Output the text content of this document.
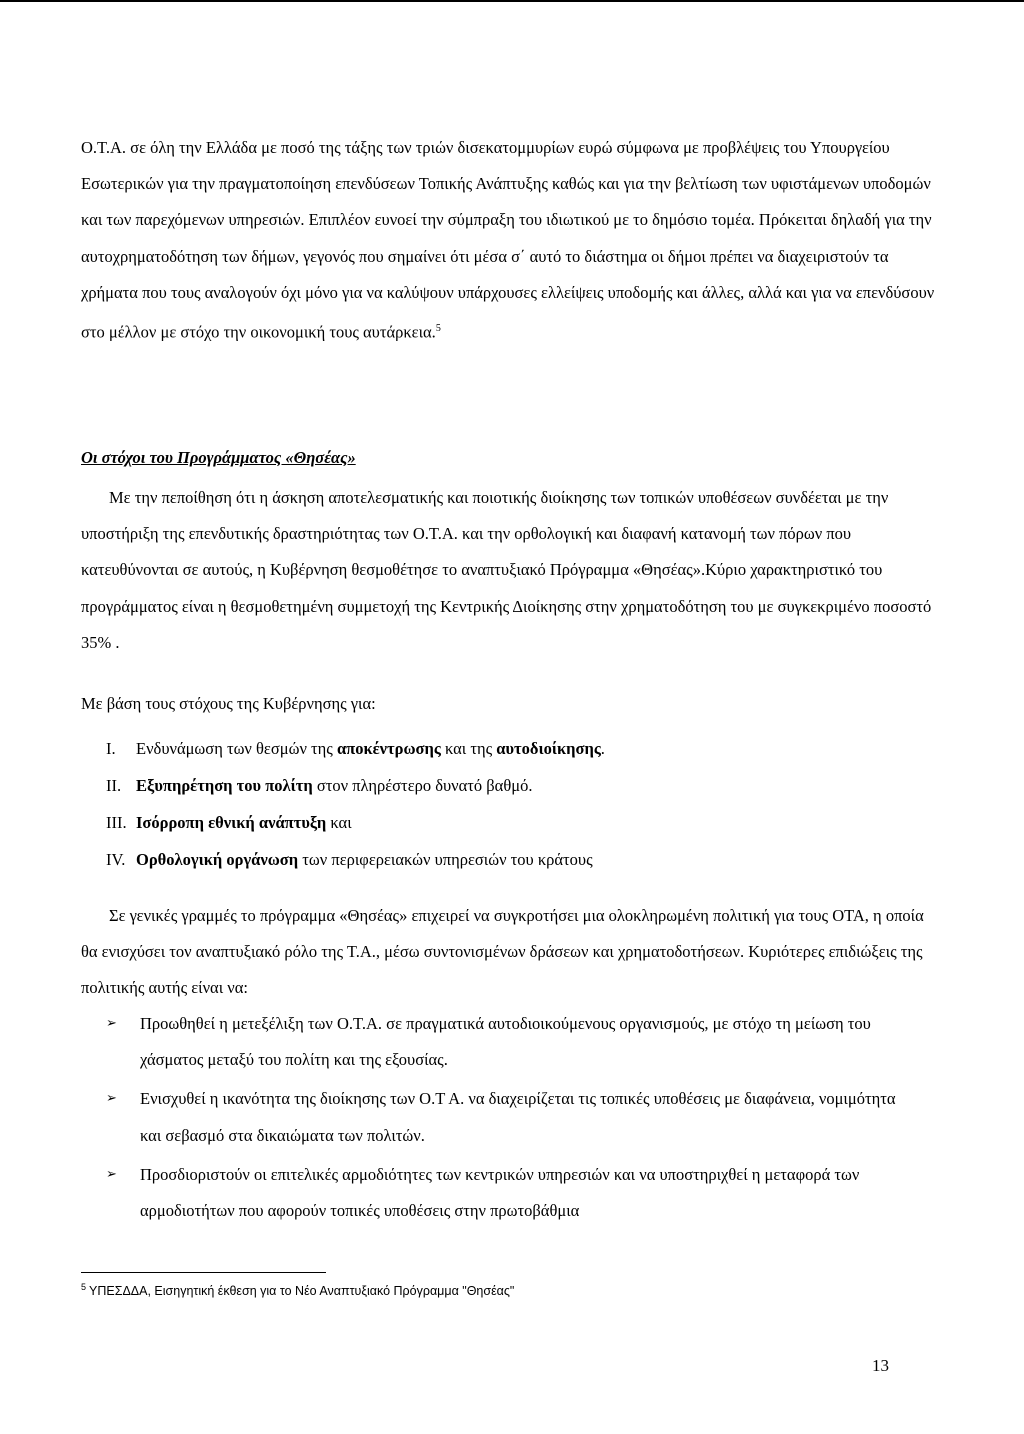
Ο.Τ.Α. σε όλη την Ελλάδα με ποσό της τάξης των τριών δισεκατομμυρίων ευρώ σύμφωνα με προβλέψεις του Υπουργείου Εσωτερικών για την πραγματοποίηση επενδύσεων Τοπικής Ανάπτυξης καθώς και για την βελτίωση των υφιστάμενων υποδομών και των παρεχόμενων υπηρεσιών. Επιπλέον ευνοεί την σύμπραξη του ιδιωτικού με το δημόσιο τομέα. Πρόκειται δηλαδή για την αυτοχρηματοδότηση των δήμων, γεγονός που σημαίνει ότι μέσα σ΄ αυτό το διάστημα οι δήμοι πρέπει να διαχειριστούν τα χρήματα που τους αναλογούν όχι μόνο για να καλύψουν υπάρχουσες ελλείψεις υποδομής και άλλες, αλλά και για να επενδύσουν στο μέλλον με στόχο την οικονομική τους αυτάρκεια.$^5$

Οι στόχοι του Προγράμματος «Θησέας»

Με την πεποίθηση ότι η άσκηση αποτελεσματικής και ποιοτικής διοίκησης των τοπικών υποθέσεων συνδέεται με την υποστήριξη της επενδυτικής δραστηριότητας των Ο.Τ.Α. και την ορθολογική και διαφανή κατανομή των πόρων που κατευθύνονται σε αυτούς, η Κυβέρνηση θεσμοθέτησε το αναπτυξιακό Πρόγραμμα «Θησέας».Κύριο χαρακτηριστικό του προγράμματος είναι η θεσμοθετημένη συμμετοχή της Κεντρικής Διοίκησης στην χρηματοδότηση του με συγκεκριμένο ποσοστό 35% .

Με βάση τους στόχους της Κυβέρνησης για:

Ι. Ενδυνάμωση των θεσμών της αποκέντρωσης και της αυτοδιοίκησης.
II. Εξυπηρέτηση του πολίτη στον πληρέστερο δυνατό βαθμό.
III. Ισόρροπη εθνική ανάπτυξη και
IV. Ορθολογική οργάνωση των περιφερειακών υπηρεσιών του κράτους

Σε γενικές γραμμές το πρόγραμμα «Θησέας» επιχειρεί να συγκροτήσει μια ολοκληρωμένη πολιτική για τους ΟΤΑ, η οποία θα ενισχύσει τον αναπτυξιακό ρόλο της Τ.Α., μέσω συντονισμένων δράσεων και χρηματοδοτήσεων. Κυριότερες επιδιώξεις της πολιτικής αυτής είναι να:

➢	Προωθηθεί η μετεξέλιξη των Ο.Τ.Α. σε πραγματικά αυτοδιοικούμενους οργανισμούς, με στόχο τη μείωση του χάσματος μεταξύ του πολίτη και της εξουσίας.
➢	Ενισχυθεί η ικανότητα της διοίκησης των Ο.Τ Α. να διαχειρίζεται τις τοπικές υποθέσεις με διαφάνεια, νομιμότητα και σεβασμό στα δικαιώματα των πολιτών.
➢	Προσδιοριστούν οι επιτελικές αρμοδιότητες των κεντρικών υπηρεσιών και να υποστηριχθεί η μεταφορά των αρμοδιοτήτων που αφορούν τοπικές υποθέσεις στην πρωτοβάθμια

$^5$ ΥΠΕΣΔΔΑ, Εισηγητική έκθεση για το Νέο Αναπτυξιακό Πρόγραμμα "Θησέας"

13
